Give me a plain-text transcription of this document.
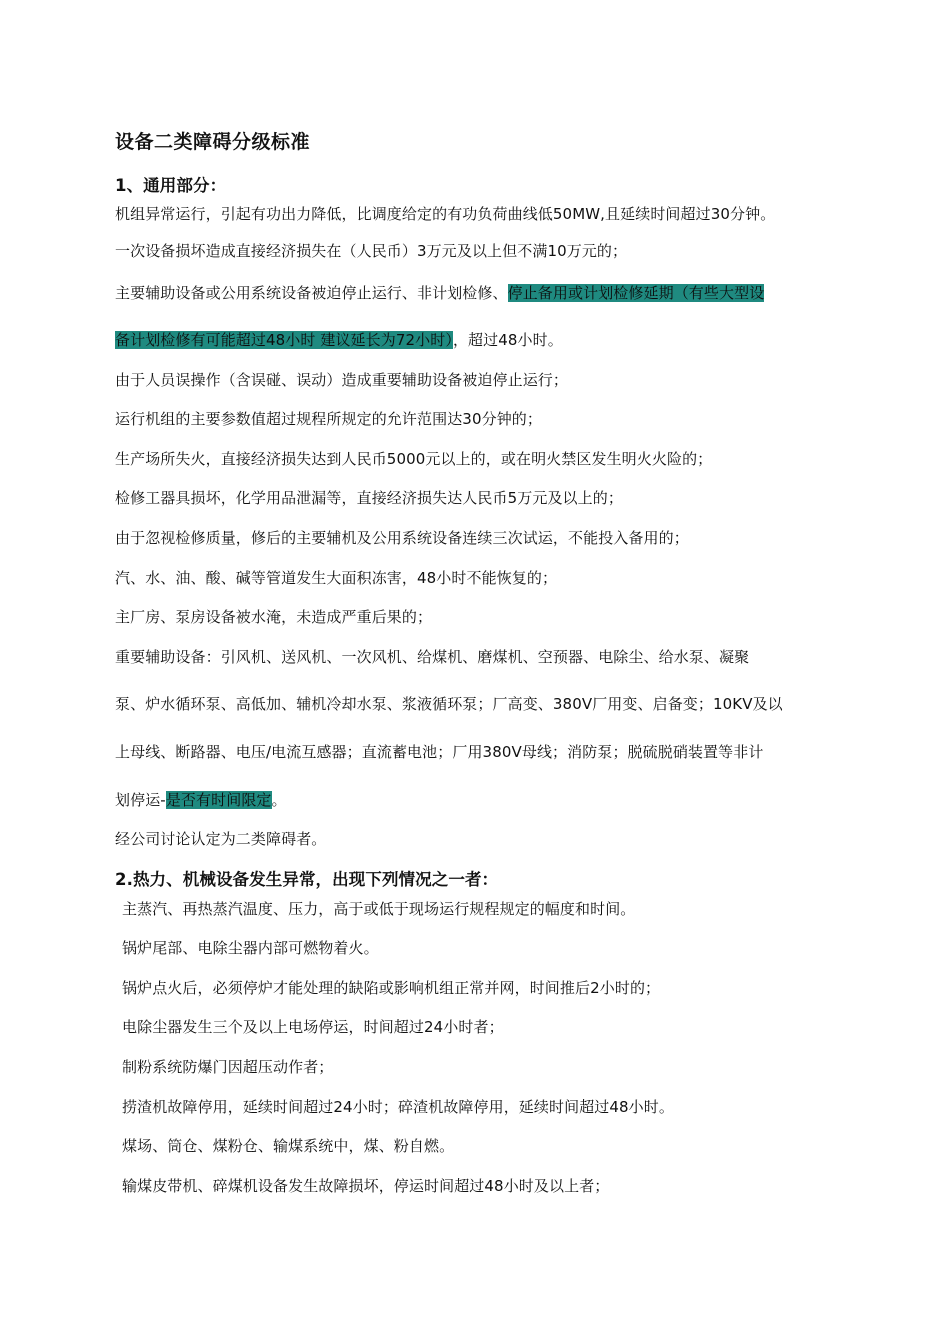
设备二类障碍分级标准
1、通用部分：
机组异常运行，引起有功出力降低，比调度给定的有功负荷曲线低50MW,且延续时间超过30分钟。
一次设备损坏造成直接经济损失在（人民币）3万元及以上但不满10万元的；
主要辅助设备或公用系统设备被迫停止运行、非计划检修、停止备用或计划检修延期（有些大型设
备计划检修有可能超过48小时 建议延长为72小时），超过48小时。
由于人员误操作（含误碰、误动）造成重要辅助设备被迫停止运行；
运行机组的主要参数值超过规程所规定的允许范围达30分钟的；
生产场所失火，直接经济损失达到人民币5000元以上的，或在明火禁区发生明火火险的；
检修工器具损坏，化学用品泄漏等，直接经济损失达人民币5万元及以上的；
由于忽视检修质量，修后的主要辅机及公用系统设备连续三次试运，不能投入备用的；
汽、水、油、酸、碱等管道发生大面积冻害，48小时不能恢复的；
主厂房、泵房设备被水淹，未造成严重后果的；
重要辅助设备：引风机、送风机、一次风机、给煤机、磨煤机、空预器、电除尘、给水泵、凝聚
泵、炉水循环泵、高低加、辅机冷却水泵、浆液循环泵；厂高变、380V厂用变、启备变；10KV及以
上母线、断路器、电压/电流互感器；直流蓄电池；厂用380V母线；消防泵；脱硫脱硝装置等非计
划停运-是否有时间限定。
经公司讨论认定为二类障碍者。
2.热力、机械设备发生异常，出现下列情况之一者：
主蒸汽、再热蒸汽温度、压力，高于或低于现场运行规程规定的幅度和时间。
锅炉尾部、电除尘器内部可燃物着火。
锅炉点火后，必须停炉才能处理的缺陷或影响机组正常并网，时间推后2小时的；
电除尘器发生三个及以上电场停运，时间超过24小时者；
制粉系统防爆门因超压动作者；
捞渣机故障停用，延续时间超过24小时；碎渣机故障停用，延续时间超过48小时。
煤场、筒仓、煤粉仓、输煤系统中，煤、粉自燃。
输煤皮带机、碎煤机设备发生故障损坏，停运时间超过48小时及以上者；
